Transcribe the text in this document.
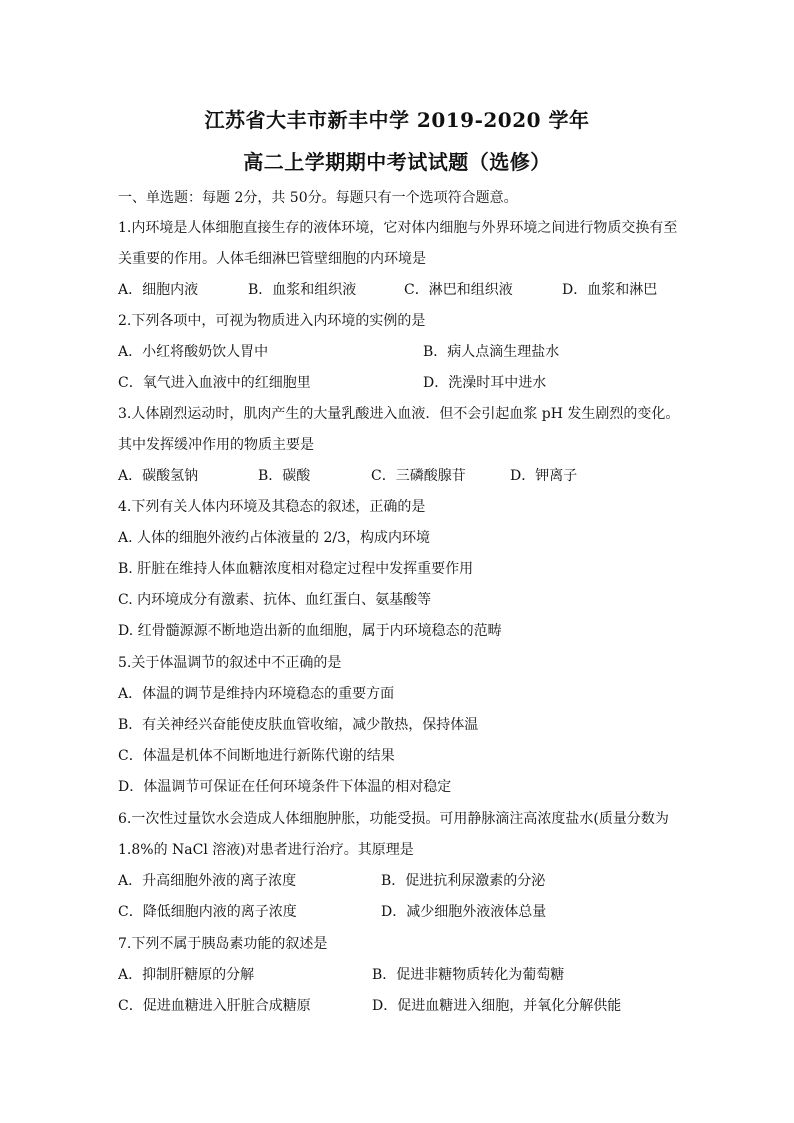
江苏省大丰市新丰中学 2019-2020 学年
高二上学期期中考试试题（选修）
一、单选题：每题 2分，共 50分。每题只有一个选项符合题意。
1.内环境是人体细胞直接生存的液体环境，它对体内细胞与外界环境之间进行物质交换有至
关重要的作用。人体毛细淋巴管壁细胞的内环境是
A．细胞内液	B．血浆和组织液	C．淋巴和组织液	D．血浆和淋巴
2.下列各项中，可视为物质进入内环境的实例的是
A．小红将酸奶饮人胃中	B．病人点滴生理盐水
C．氧气进入血液中的红细胞里	D．洗澡时耳中进水
3.人体剧烈运动时，肌肉产生的大量乳酸进入血液．但不会引起血浆 pH 发生剧烈的变化。
其中发挥缓冲作用的物质主要是
A．碳酸氢钠	B．碳酸	C．三磷酸腺苷	D．钾离子
4.下列有关人体内环境及其稳态的叙述，正确的是
A. 人体的细胞外液约占体液量的 2/3，构成内环境
B. 肝脏在维持人体血糖浓度相对稳定过程中发挥重要作用
C. 内环境成分有激素、抗体、血红蛋白、氨基酸等
D. 红骨髓源源不断地造出新的血细胞，属于内环境稳态的范畴
5.关于体温调节的叙述中不正确的是
A．体温的调节是维持内环境稳态的重要方面
B．有关神经兴奋能使皮肤血管收缩，减少散热，保持体温
C．体温是机体不间断地进行新陈代谢的结果
D．体温调节可保证在任何环境条件下体温的相对稳定
6.一次性过量饮水会造成人体细胞肿胀，功能受损。可用静脉滴注高浓度盐水(质量分数为
1.8%的 NaCl 溶液)对患者进行治疗。其原理是
A．升高细胞外液的离子浓度	B．促进抗利尿激素的分泌
C．降低细胞内液的离子浓度	D．减少细胞外液液体总量
7.下列不属于胰岛素功能的叙述是
A．抑制肝糖原的分解	B．促进非糖物质转化为葡萄糖
C．促进血糖进入肝脏合成糖原	D．促进血糖进入细胞，并氧化分解供能
